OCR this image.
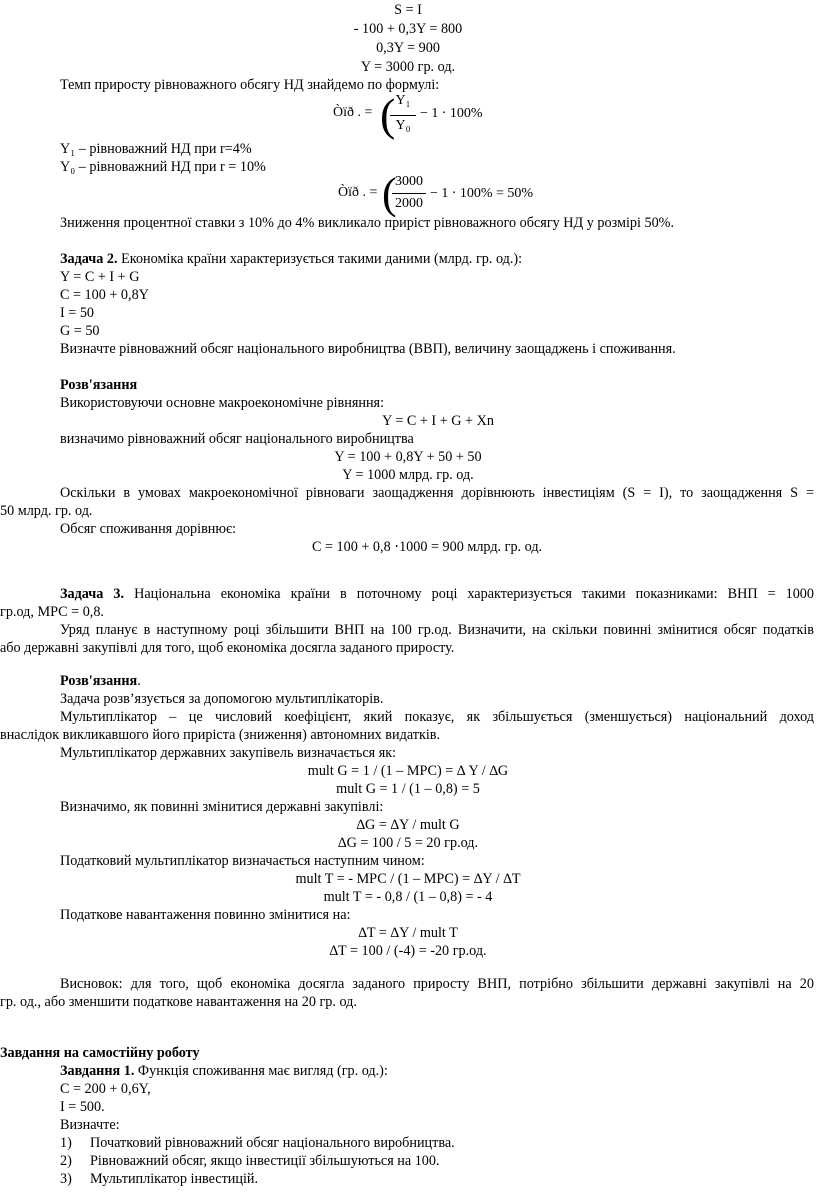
S = I
- 100 + 0,3Y = 800
0,3Y = 900
Y = 3000 гр. од.
Темп приросту рівноважного обсягу НД знайдемо по формулі:
Òïð . = ( Y₁
Y₀
− 1 ⋅ 100%
Y₁ – рівноважний НД при r=4%
Y₀ – рівноважний НД при r = 10%
Òïð . = (
3000
2000
− 1 ⋅ 100% = 50%
Зниження процентної ставки з 10% до 4% викликало приріст рівноважного обсягу НД у розмірі 50%.
Задача 2. Економіка країни характеризується такими даними (млрд. гр. од.):
Y = C + I + G
C = 100 + 0,8Y
I = 50
G = 50
Визначте рівноважний обсяг національного виробництва (ВВП), величину заощаджень і споживання.
Розв'язання
Використовуючи основне макроекономічне рівняння:
Y = C + I + G + Xn
визначимо рівноважний обсяг національного виробництва
Y = 100 + 0,8Y + 50 + 50
Y = 1000 млрд. гр. од.
Оскільки в умовах макроекономічної рівноваги заощадження дорівнюють інвестиціям (S = I), то заощадження S =
50 млрд. гр. од.
Обсяг споживання дорівнює:
C = 100 + 0,8 ⋅1000 = 900 млрд. гр. од.
Задача 3. Національна економіка країни в поточному році характеризується такими показниками: ВНП = 1000
гр.од, МРС = 0,8.
Уряд планує в наступному році збільшити ВНП на 100 гр.од. Визначити, на скільки повинні змінитися обсяг податків
або державні закупівлі для того, щоб економіка досягла заданого приросту.
Розв'язання.
Задача розв’язується за допомогою мультиплікаторів.
Мультиплікатор – це числовий коефіцієнт, який показує, як збільшується (зменшується) національний доход
внаслідок викликавшого його приріста (зниження) автономних видатків.
Мультиплікатор державних закупівель визначається як:
mult G = 1 / (1 – МРС) = ∆ Y / ∆G
mult G = 1 / (1 – 0,8) = 5
Визначимо, як повинні змінитися державні закупівлі:
∆G = ∆Y / mult G
∆G = 100 / 5 = 20 гр.од.
Податковий мультиплікатор визначається наступним чином:
mult T = - МРС / (1 – МРС) = ∆Y / ∆T
mult T = - 0,8 / (1 – 0,8) = - 4
Податкове навантаження повинно змінитися на:
∆T = ∆Y / mult T
∆T = 100 / (-4) = -20 гр.од.
Висновок: для того, щоб економіка досягла заданого приросту ВНП, потрібно збільшити державні закупівлі на 20
гр. од., або зменшити податкове навантаження на 20 гр. од.
Завдання на самостійну роботу
Завдання 1. Функція споживання має вигляд (гр. од.):
C = 200 + 0,6Y,
I = 500.
Визначте:
1) Початковий рівноважний обсяг національного виробництва.
2) Рівноважний обсяг, якщо інвестиції збільшуються на 100.
3) Мультиплікатор інвестицій.
